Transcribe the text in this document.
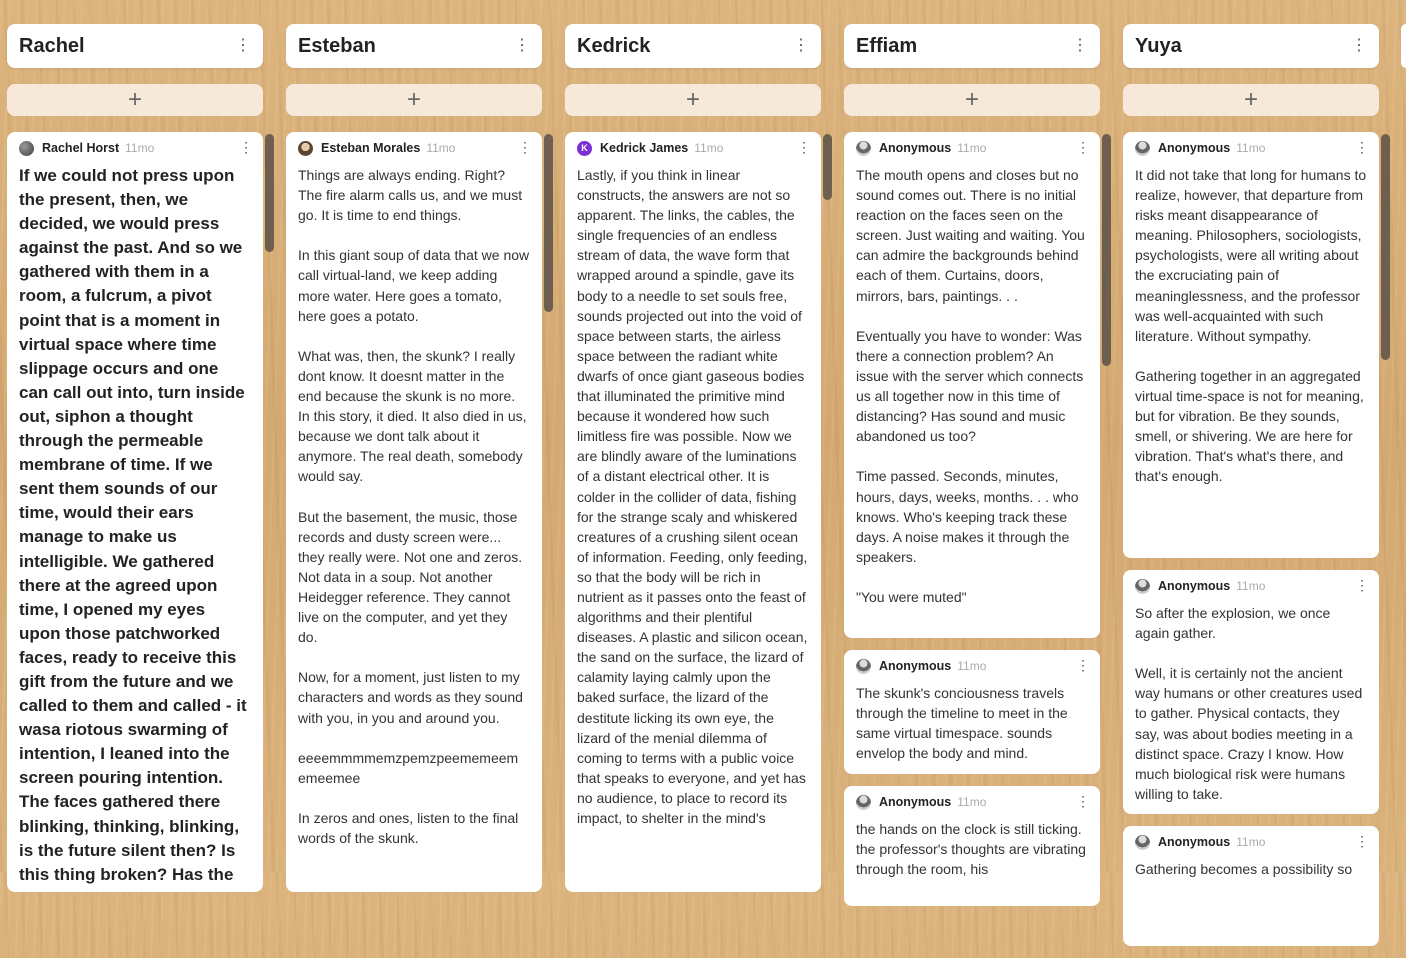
Rachel	⋮
+
Rachel Horst 11mo	⋮
If we could not press upon the present, then, we decided, we would press against the past. And so we gathered with them in a room, a fulcrum, a pivot point that is a moment in virtual space where time slippage occurs and one can call out into, turn inside out, siphon a thought through the permeable membrane of time. If we sent them sounds of our time, would their ears manage to make us intelligible. We gathered there at the agreed upon time, I opened my eyes upon those patchworked faces, ready to receive this gift from the future and we called to them and called - it wasa riotous swarming of intention, I leaned into the screen pouring intention. The faces gathered there blinking, thinking, blinking, is the future silent then? Is this thing broken? Has the
Esteban	⋮
+
Esteban Morales 11mo	⋮
Things are always ending. Right? The fire alarm calls us, and we must go. It is time to end things.

In this giant soup of data that we now call virtual-land, we keep adding more water. Here goes a tomato, here goes a potato.

What was, then, the skunk? I really dont know. It doesnt matter in the end because the skunk is no more. In this story, it died. It also died in us, because we dont talk about it anymore. The real death, somebody would say.

But the basement, the music, those records and dusty screen were... they really were. Not one and zeros. Not data in a soup. Not another Heidegger reference. They cannot live on the computer, and yet they do.

Now, for a moment, just listen to my characters and words as they sound with you, in you and around you.

eeeemmmmemzpemzpeememeem emeemee

In zeros and ones, listen to the final words of the skunk.
Kedrick	⋮
+
K Kedrick James 11mo	⋮
Lastly, if you think in linear constructs, the answers are not so apparent. The links, the cables, the single frequencies of an endless stream of data, the wave form that wrapped around a spindle, gave its body to a needle to set souls free, sounds projected out into the void of space between starts, the airless space between the radiant white dwarfs of once giant gaseous bodies that illuminated the primitive mind because it wondered how such limitless fire was possible. Now we are blindly aware of the luminations of a distant electrical other. It is colder in the collider of data, fishing for the strange scaly and whiskered creatures of a crushing silent ocean of information. Feeding, only feeding, so that the body will be rich in nutrient as it passes onto the feast of algorithms and their plentiful diseases. A plastic and silicon ocean, the sand on the surface, the lizard of calamity laying calmly upon the baked surface, the lizard of the destitute licking its own eye, the lizard of the menial dilemma of coming to terms with a public voice that speaks to everyone, and yet has no audience, to place to record its impact, to shelter in the mind's
Effiam	⋮
+
Anonymous 11mo	⋮
The mouth opens and closes but no sound comes out. There is no initial reaction on the faces seen on the screen. Just waiting and waiting. You can admire the backgrounds behind each of them. Curtains, doors, mirrors, bars, paintings. . .

Eventually you have to wonder: Was there a connection problem? An issue with the server which connects us all together now in this time of distancing? Has sound and music abandoned us too?

Time passed. Seconds, minutes, hours, days, weeks, months. . . who knows. Who's keeping track these days. A noise makes it through the speakers.

"You were muted"
Anonymous 11mo	⋮
The skunk's conciousness travels through the timeline to meet in the same virtual timespace. sounds envelop the body and mind.
Anonymous 11mo	⋮
the hands on the clock is still ticking. the professor's thoughts are vibrating through the room, his
Yuya	⋮
+
Anonymous 11mo	⋮
It did not take that long for humans to realize, however, that departure from risks meant disappearance of meaning. Philosophers, sociologists, psychologists, were all writing about the excruciating pain of meaninglessness, and the professor was well-acquainted with such literature. Without sympathy.

Gathering together in an aggregated virtual time-space is not for meaning, but for vibration. Be they sounds, smell, or shivering. We are here for vibration. That's what's there, and that's enough.
Anonymous 11mo	⋮
So after the explosion, we once again gather.

Well, it is certainly not the ancient way humans or other creatures used to gather. Physical contacts, they say, was about bodies meeting in a distinct space. Crazy I know. How much biological risk were humans willing to take.
Anonymous 11mo	⋮
Gathering becomes a possibility so
